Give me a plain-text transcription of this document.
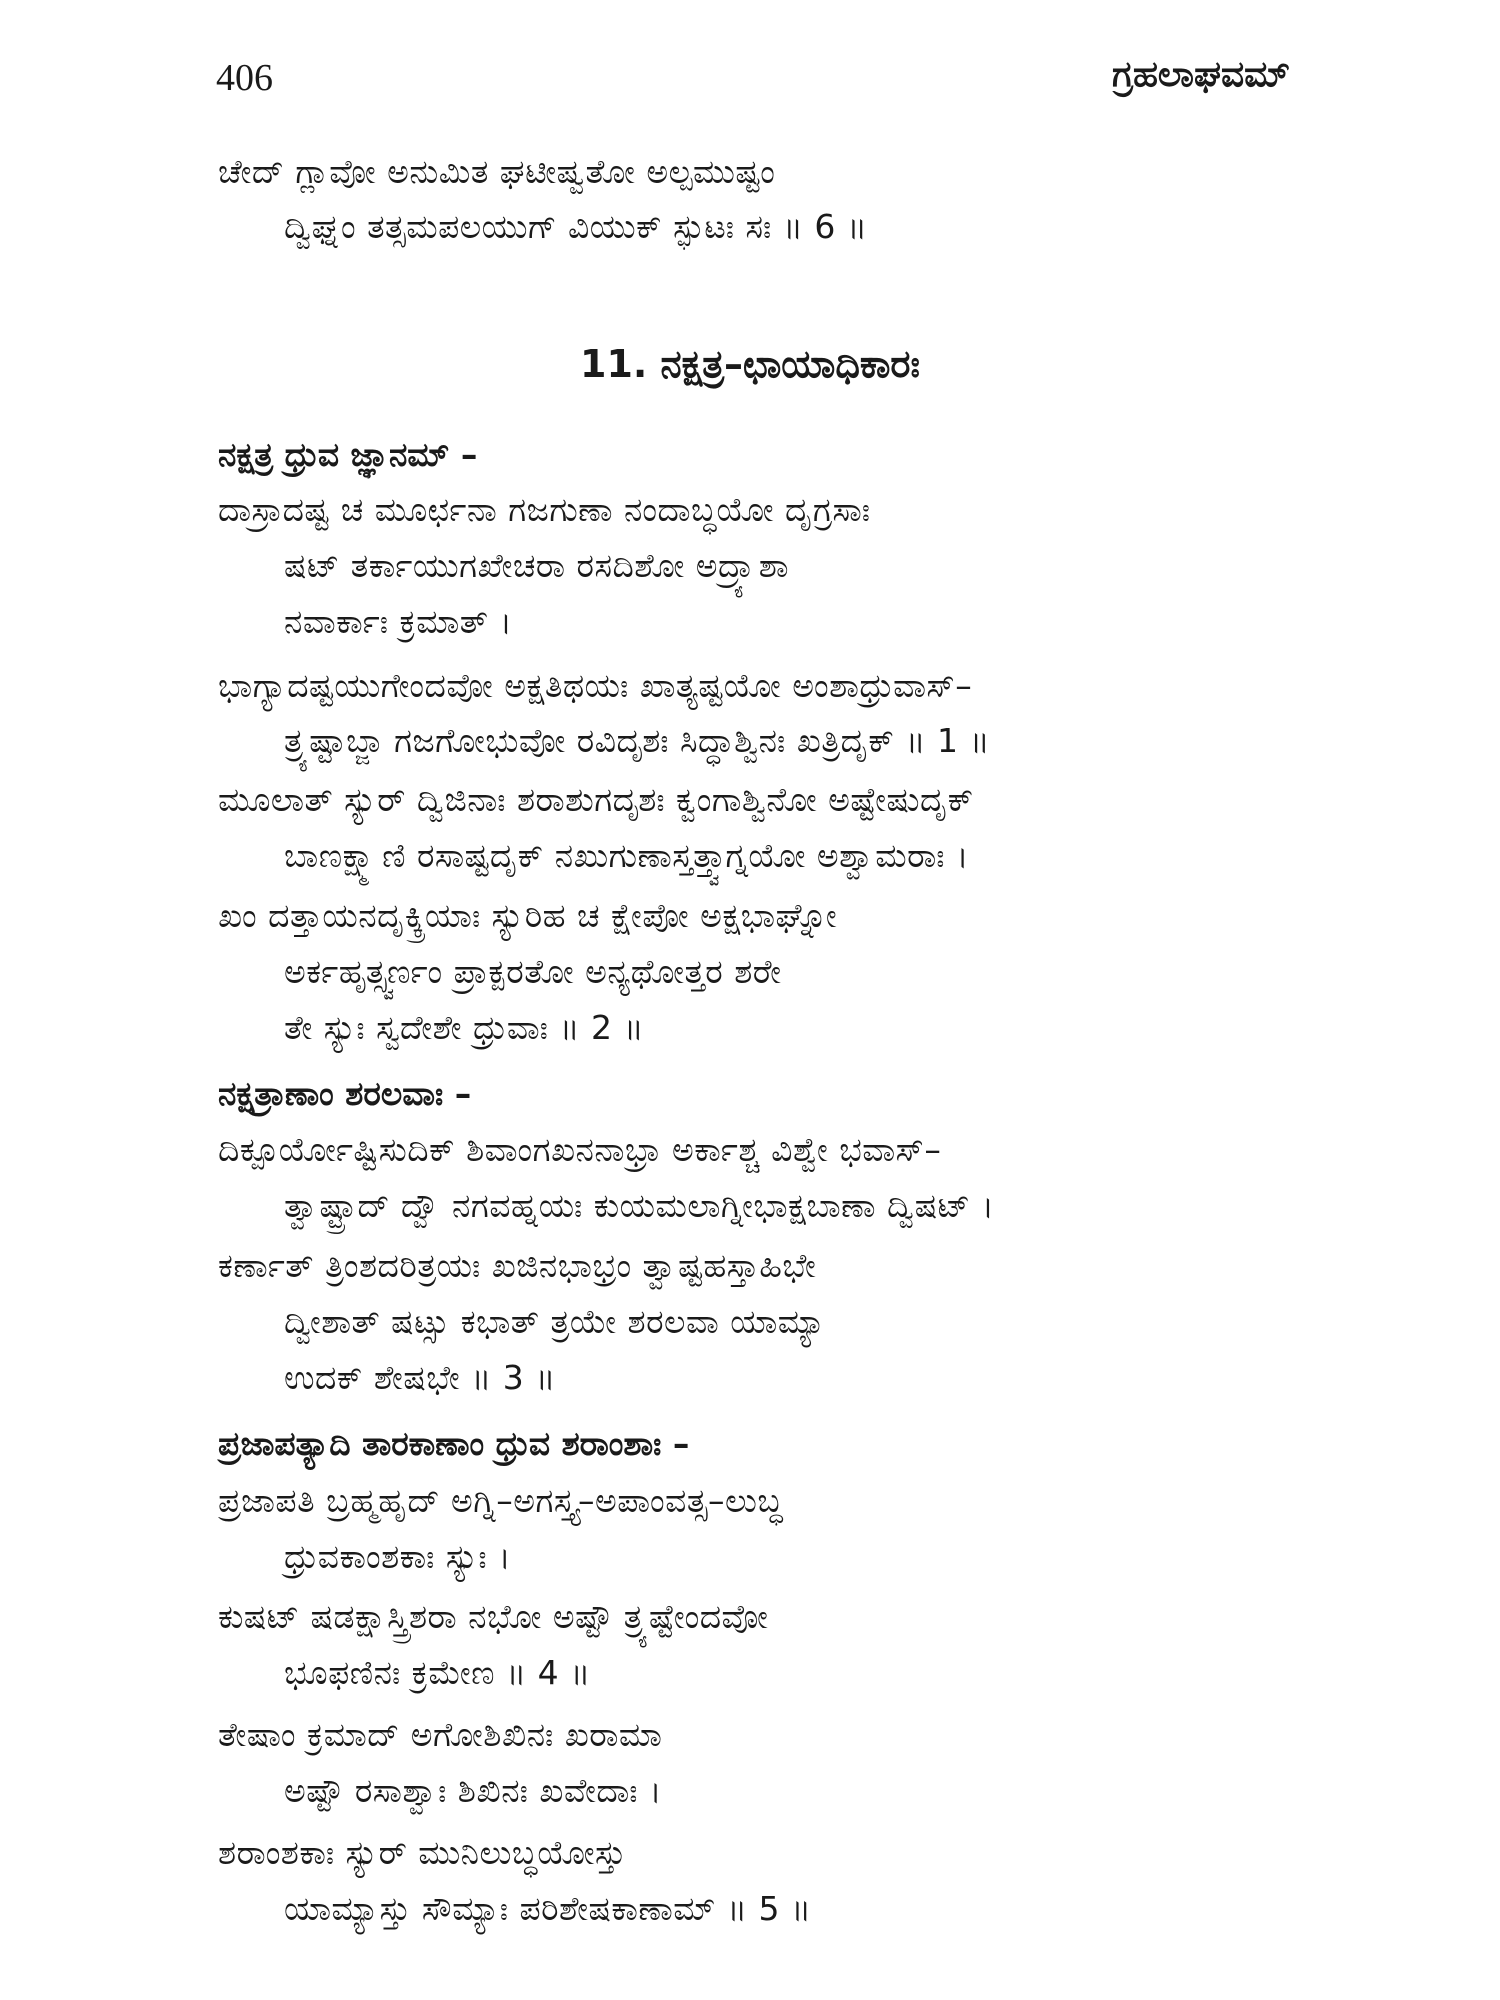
406	ಗ್ರಹಲಾಘವಮ್
ಚೇದ್ ಗ್ಲಾವೋ ಅನುಮಿತ ಘಟೀಷ್ವತೋ ಅಲ್ಪಮುಷ್ಟಂ
ದ್ವಿಘ್ನಂ ತತ್ಸಮಪಲಯುಗ್ ವಿಯುಕ್ ಸ್ಫುಟಃ ಸಃ ॥ 6 ॥
11. ನಕ್ಷತ್ರ–ಛಾಯಾಧಿಕಾರಃ
ನಕ್ಷತ್ರ ಧ್ರುವ ಜ್ಞಾನಮ್ –
ದಾಸ್ರಾದಷ್ಟ ಚ ಮೂರ್ಛನಾ ಗಜಗುಣಾ ನಂದಾಬ್ಧಯೋ ದೃಗ್ರಸಾಃ
ಷಟ್ ತರ್ಕಾಯುಗಖೇಚರಾ ರಸದಿಶೋ ಅದ್ರ್ಯಾಶಾ
ನವಾರ್ಕಾಃ ಕ್ರಮಾತ್ ।
ಭಾಗ್ಯಾದಷ್ಟಯುಗೇಂದವೋ ಅಕ್ಷತಿಥಯಃ ಖಾತ್ಯಷ್ಟಯೋ ಅಂಶಾಧ್ರುವಾಸ್–
ತ್ರ್ಯಷ್ಟಾಬ್ಜಾ ಗಜಗೋಭುವೋ ರವಿದೃಶಃ ಸಿದ್ಧಾಶ್ವಿನಃ ಖತ್ರಿದೃಕ್ ॥ 1 ॥
ಮೂಲಾತ್ ಸ್ಯುರ್ ದ್ವಿಜಿನಾಃ ಶರಾಶುಗದೃಶಃ ಕ್ವಂಗಾಶ್ವಿನೋ ಅಷ್ಟೇಷುದೃಕ್
ಬಾಣಕ್ಷ್ಮಾಣಿ ರಸಾಷ್ಟದೃಕ್ ನಖುಗುಣಾಸ್ತತ್ತ್ವಾಗ್ನಯೋ ಅಶ್ವಾಮರಾಃ ।
ಖಂ ದತ್ತಾಯನದೃಕ್ಕ್ರಿಯಾಃ ಸ್ಯುರಿಹ ಚ ಕ್ಷೇಪೋ ಅಕ್ಷಭಾಘ್ನೋ
ಅರ್ಕಹೃತ್ಸ್ವರ್ಣಂ ಪ್ರಾಕ್ಪರತೋ ಅನ್ಯಥೋತ್ತರ ಶರೇ
ತೇ ಸ್ಯುಃ ಸ್ವದೇಶೇ ಧ್ರುವಾಃ ॥ 2 ॥
ನಕ್ಷತ್ರಾಣಾಂ ಶರಲವಾಃ –
ದಿಕ್ಪೂರ್ಯೋಷ್ಟಿಸುದಿಕ್ ಶಿವಾಂಗಖನನಾಭ್ರಾ ಅರ್ಕಾಶ್ಚ ವಿಶ್ವೇ ಭವಾಸ್–
ತ್ವಾಷ್ಟ್ರಾದ್ ದ್ವೌ ನಗವಹ್ನಯಃ ಕುಯಮಲಾಗ್ನೀಭಾಕ್ಷಬಾಣಾ ದ್ವಿಷಟ್ ।
ಕರ್ಣಾತ್ ತ್ರಿಂಶದರಿತ್ರಯಃ ಖಜಿನಭಾಭ್ರಂ ತ್ವಾಷ್ಟಹಸ್ತಾಹಿಭೇ
ದ್ವೀಶಾತ್ ಷಟ್ಸು ಕಭಾತ್ ತ್ರಯೇ ಶರಲವಾ ಯಾಮ್ಯಾ
ಉದಕ್ ಶೇಷಭೇ ॥ 3 ॥
ಪ್ರಜಾಪತ್ಯಾದಿ ತಾರಕಾಣಾಂ ಧ್ರುವ ಶರಾಂಶಾಃ –
ಪ್ರಜಾಪತಿ ಬ್ರಹ್ಮಹೃದ್ ಅಗ್ನಿ–ಅಗಸ್ತ್ಯ–ಅಪಾಂವತ್ಸ–ಲುಬ್ಧ
ಧ್ರುವಕಾಂಶಕಾಃ ಸ್ಯುಃ ।
ಕುಷಟ್ ಷಡಕ್ಷಾಸ್ತ್ರಿಶರಾ ನಭೋ ಅಷ್ಟೌ ತ್ರ್ಯಷ್ಟೇಂದವೋ
ಭೂಫಣಿನಃ ಕ್ರಮೇಣ ॥ 4 ॥
ತೇಷಾಂ ಕ್ರಮಾದ್ ಅಗೋಶಿಖಿನಃ ಖರಾಮಾ
ಅಷ್ಟೌ ರಸಾಶ್ವಾಃ ಶಿಖಿನಃ ಖವೇದಾಃ ।
ಶರಾಂಶಕಾಃ ಸ್ಯುರ್ ಮುನಿಲುಬ್ಧಯೋಸ್ತು
ಯಾಮ್ಯಾಸ್ತು ಸೌಮ್ಯಾಃ ಪರಿಶೇಷಕಾಣಾಮ್ ॥ 5 ॥
